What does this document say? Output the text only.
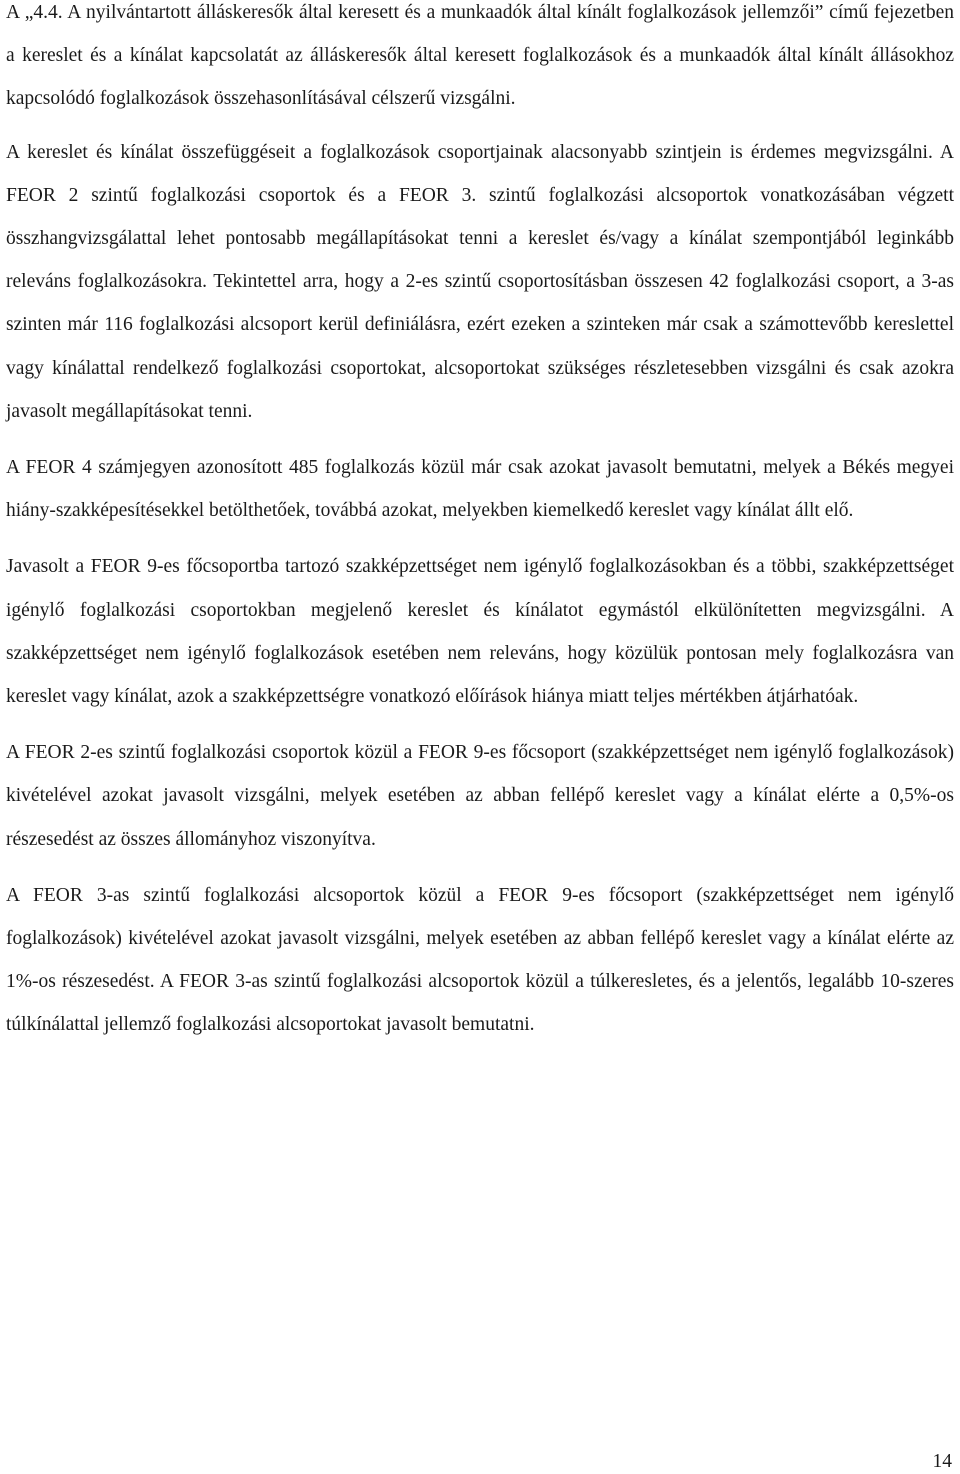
A „4.4. A nyilvántartott álláskeresők által keresett és a munkaadók által kínált foglalkozások jellemzői” című fejezetben a kereslet és a kínálat kapcsolatát az álláskeresők által keresett foglalkozások és a munkaadók által kínált állásokhoz kapcsolódó foglalkozások összehasonlításával célszerű vizsgálni.

A kereslet és kínálat összefüggéseit a foglalkozások csoportjainak alacsonyabb szintjein is érdemes megvizsgálni. A FEOR 2 szintű foglalkozási csoportok és a FEOR 3. szintű foglalkozási alcsoportok vonatkozásában végzett összhangvizsgálattal lehet pontosabb megállapításokat tenni a kereslet és/vagy a kínálat szempontjából leginkább releváns foglalkozásokra. Tekintettel arra, hogy a 2-es szintű csoportosításban összesen 42 foglalkozási csoport, a 3-as szinten már 116 foglalkozási alcsoport kerül definiálásra, ezért ezeken a szinteken már csak a számottevőbb kereslettel vagy kínálattal rendelkező foglalkozási csoportokat, alcsoportokat szükséges részletesebben vizsgálni és csak azokra javasolt megállapításokat tenni.

A FEOR 4 számjegyen azonosított 485 foglalkozás közül már csak azokat javasolt bemutatni, melyek a Békés megyei hiány-szakképesítésekkel betölthetőek, továbbá azokat, melyekben kiemelkedő kereslet vagy kínálat állt elő.

Javasolt a FEOR 9-es főcsoportba tartozó szakképzettséget nem igénylő foglalkozásokban és a többi, szakképzettséget igénylő foglalkozási csoportokban megjelenő kereslet és kínálatot egymástól elkülönítetten megvizsgálni. A szakképzettséget nem igénylő foglalkozások esetében nem releváns, hogy közülük pontosan mely foglalkozásra van kereslet vagy kínálat, azok a szakképzettségre vonatkozó előírások hiánya miatt teljes mértékben átjárhatóak.

A FEOR 2-es szintű foglalkozási csoportok közül a FEOR 9-es főcsoport (szakképzettséget nem igénylő foglalkozások) kivételével azokat javasolt vizsgálni, melyek esetében az abban fellépő kereslet vagy a kínálat elérte a 0,5%-os részesedést az összes állományhoz viszonyítva.

A FEOR 3-as szintű foglalkozási alcsoportok közül a FEOR 9-es főcsoport (szakképzettséget nem igénylő foglalkozások) kivételével azokat javasolt vizsgálni, melyek esetében az abban fellépő kereslet vagy a kínálat elérte az 1%-os részesedést. A FEOR 3-as szintű foglalkozási alcsoportok közül a túlkeresletes, és a jelentős, legalább 10-szeres túlkínálattal jellemző foglalkozási alcsoportokat javasolt bemutatni.

14
